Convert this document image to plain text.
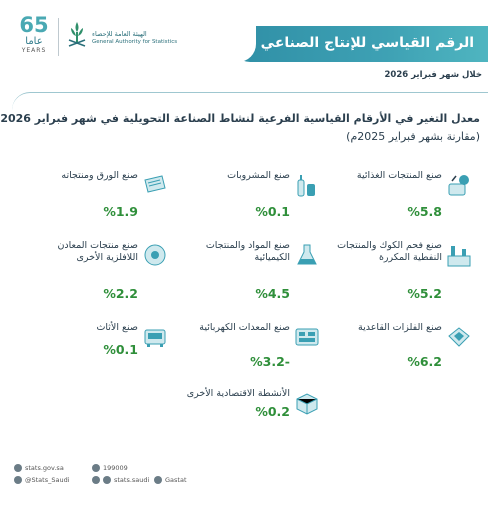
65
عاما
YEARS
الهيئة العامة للإحصاء
General Authority for Statistics	الرقم القياسي للإنتاج الصناعي
خلال شهر فبراير 2026
معدل التغير في الأرقام القياسية الفرعية لنشاط الصناعة التحويلية في شهر فبراير 2026
(مقارنة بشهر فبراير 2025م)
صنع المنتجات الغذائية
%5.8
صنع المشروبات
%0.1
صنع الورق ومنتجاته
%1.9
صنع فحم الكوك والمنتجات النفطية المكررة
%5.2
صنع المواد والمنتجات الكيميائية
%4.5
صنع منتجات المعادن اللافلزية الأخرى
%2.2
صنع الفلزات القاعدية
%6.2
صنع المعدات الكهربائية
-%3.2
صنع الأثاث
%0.1
الأنشطة الاقتصادية الأخرى
%0.2
stats.gov.sa	199009
@Stats_Saudi	stats.saudi Gastat
